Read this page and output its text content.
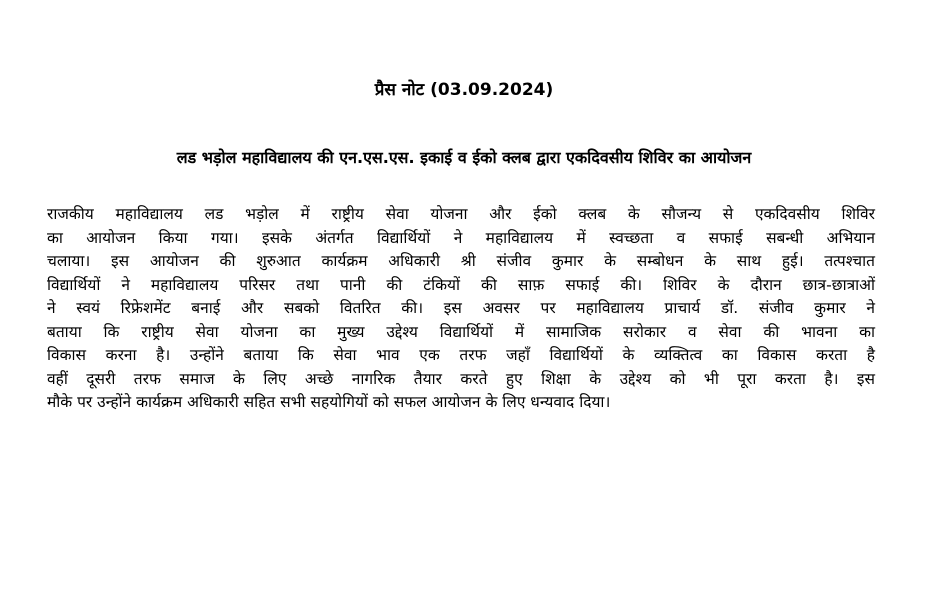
प्रैस नोट (03.09.2024)
लड भड़ोल महाविद्यालय की एन.एस.एस. इकाई व ईको क्लब द्वारा एकदिवसीय शिविर का आयोजन
राजकीय महाविद्यालय लड भड़ोल में राष्ट्रीय सेवा योजना और ईको क्लब के सौजन्य से एकदिवसीय शिविर
का आयोजन किया गया। इसके अंतर्गत विद्यार्थियों ने महाविद्यालय में स्वच्छता व सफाई सबन्धी अभियान
चलाया। इस आयोजन की शुरुआत कार्यक्रम अधिकारी श्री संजीव कुमार के सम्बोधन के साथ हुई। तत्पश्चात
विद्यार्थियों ने महाविद्यालय परिसर तथा पानी की टंकियों की साफ़ सफाई की। शिविर के दौरान छात्र-छात्राओं
ने स्वयं रिफ्रेशमेंट बनाई और सबको वितरित की। इस अवसर पर महाविद्यालय प्राचार्य डॉ. संजीव कुमार ने
बताया कि राष्ट्रीय सेवा योजना का मुख्य उद्देश्य विद्यार्थियों में सामाजिक सरोकार व सेवा की भावना का
विकास करना है। उन्होंने बताया कि सेवा भाव एक तरफ जहाँ विद्यार्थियों के व्यक्तित्व का विकास करता है
वहीं दूसरी तरफ समाज के लिए अच्छे नागरिक तैयार करते हुए शिक्षा के उद्देश्य को भी पूरा करता है। इस
मौके पर उन्होंने कार्यक्रम अधिकारी सहित सभी सहयोगियों को सफल आयोजन के लिए धन्यवाद दिया।
